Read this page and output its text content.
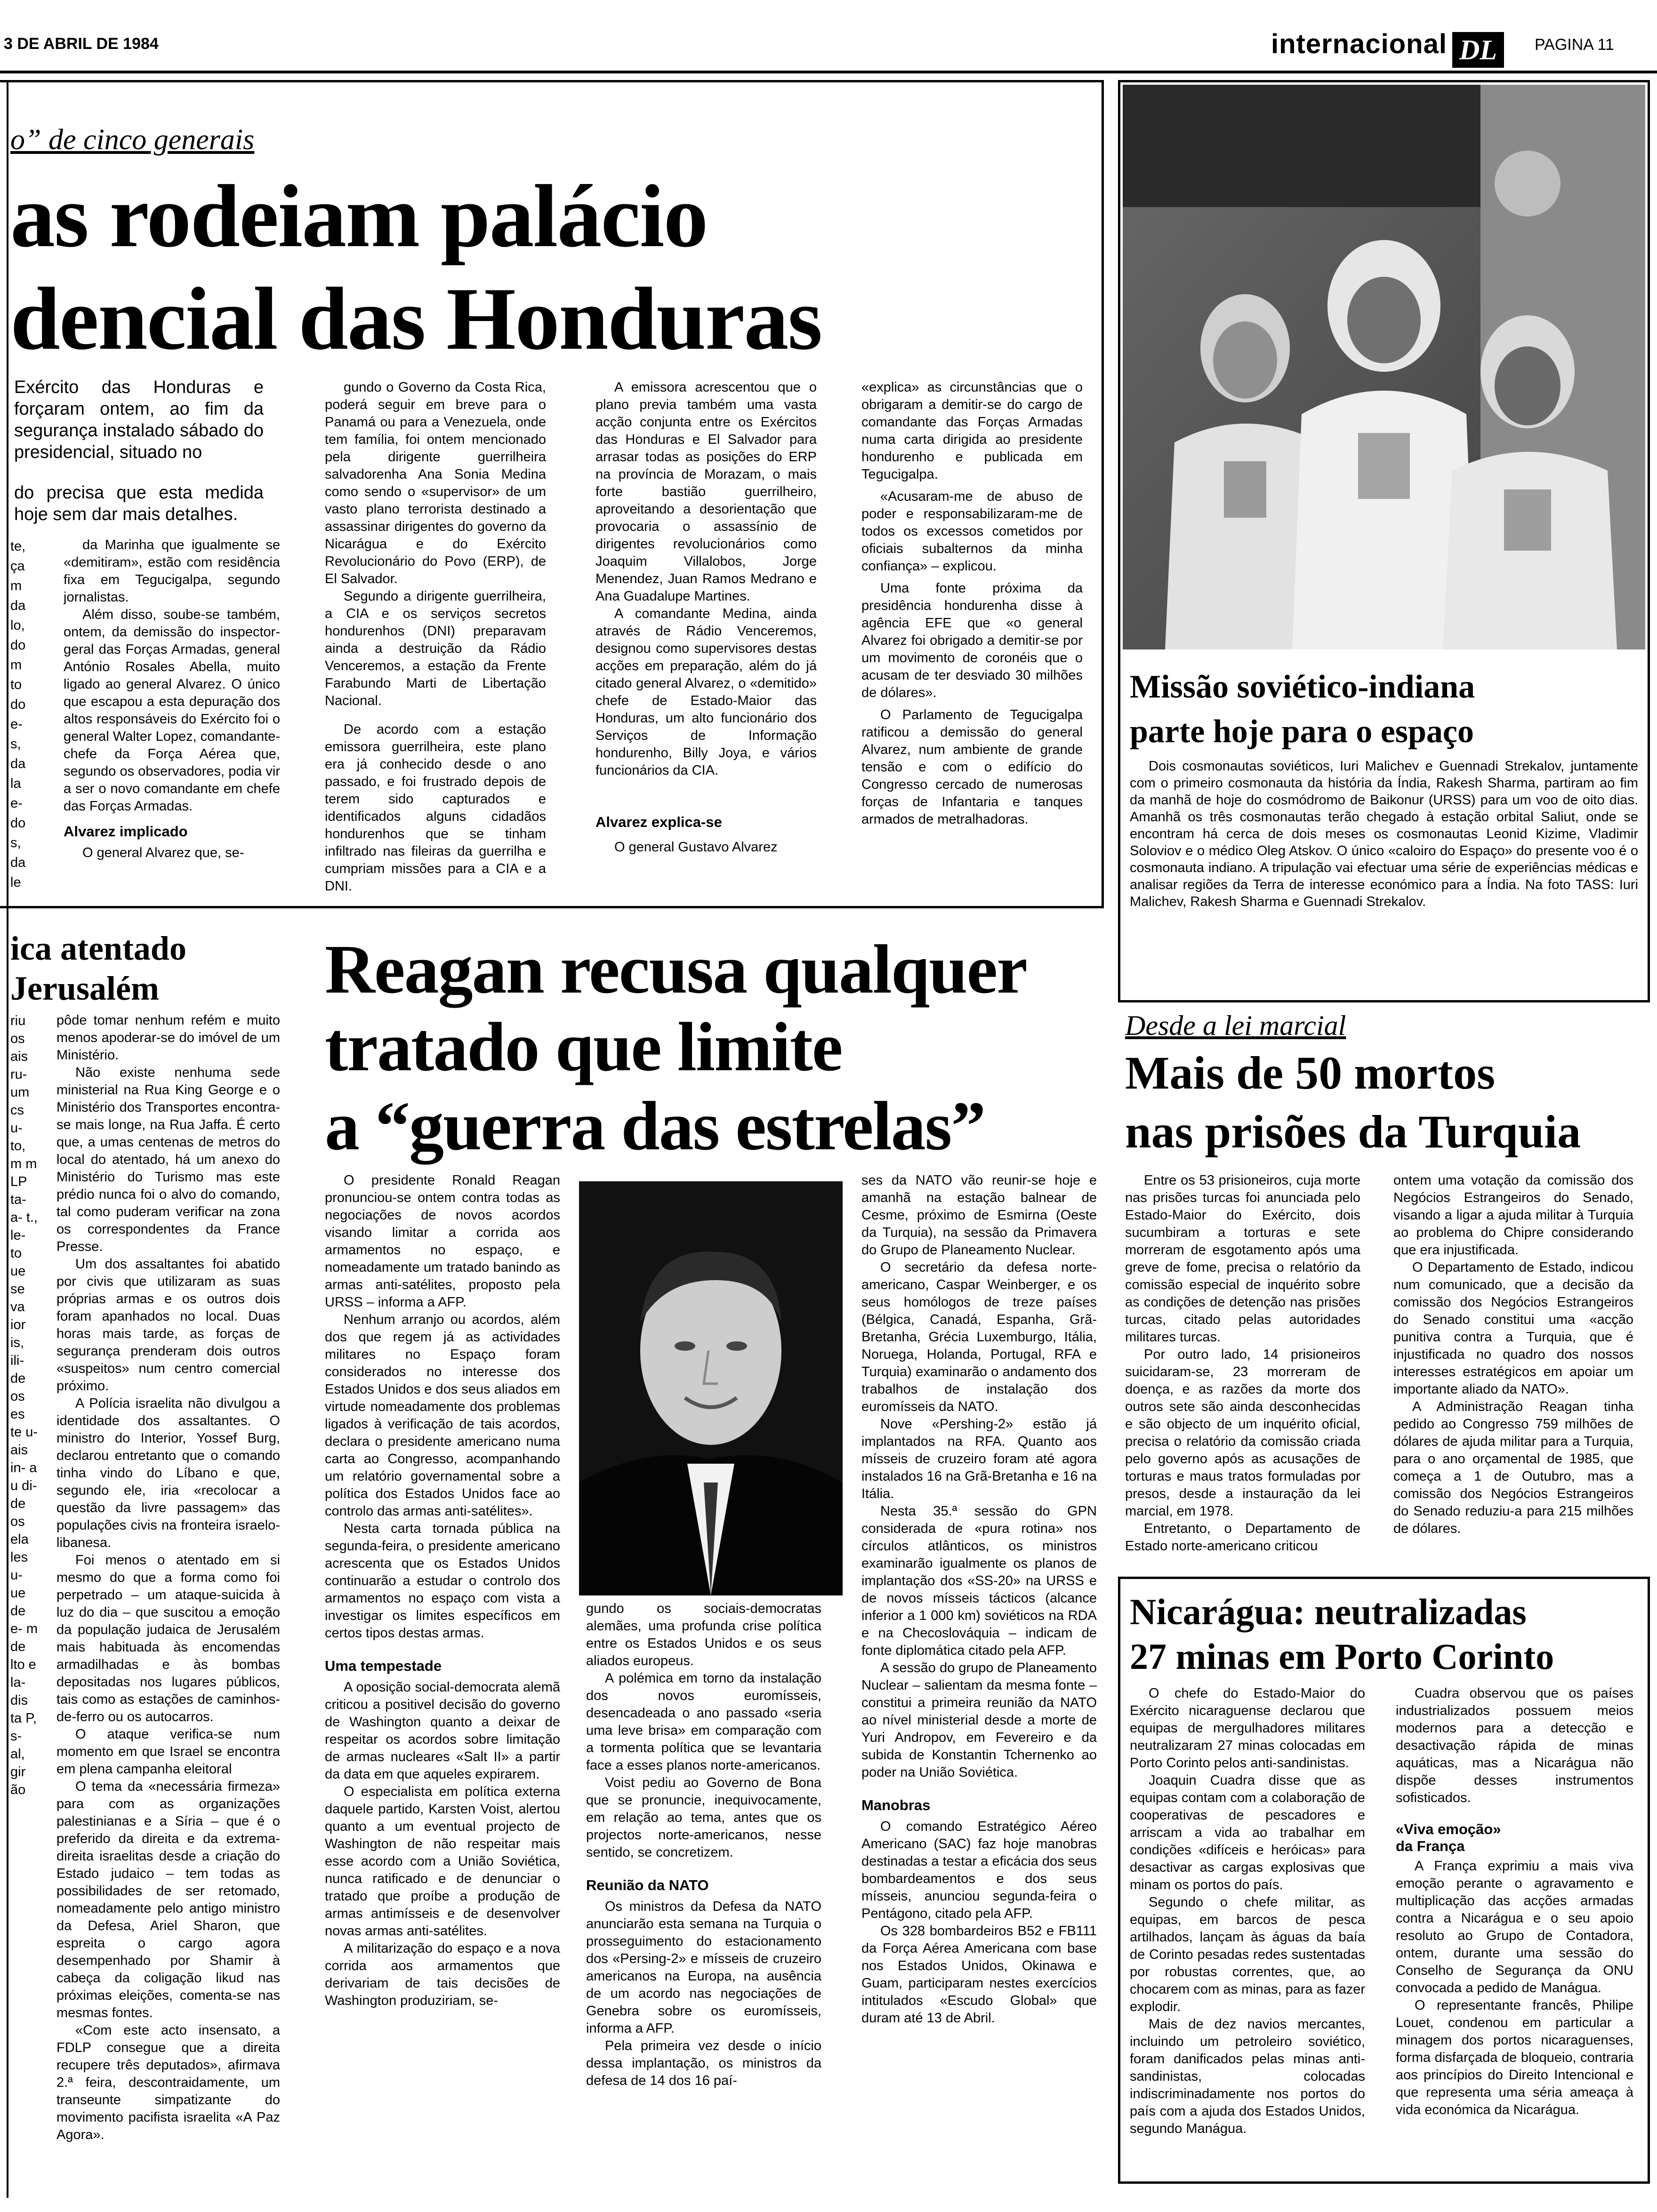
3 DE ABRIL DE 1984	internacional DL	PAGINA 11
o” de cinco generais
as rodeiam palácio
dencial das Honduras

Exército das Honduras e forçaram ontem, ao fim da segurança instalado sábado do presidencial, situado no

do precisa que esta medida hoje sem dar mais detalhes.

te, ça m da lo, do m to do e- s, da la e- do s, da le

da Marinha que igualmente se «demitiram», estão com residência fixa em Tegucigalpa, segundo jornalistas.

Além disso, soube-se também, ontem, da demissão do inspector-geral das Forças Armadas, general António Rosales Abella, muito ligado ao general Alvarez. O único que escapou a esta depuração dos altos responsáveis do Exército foi o general Walter Lopez, comandante-chefe da Força Aérea que, segundo os observadores, podia vir a ser o novo comandante em chefe das Forças Armadas.

Alvarez implicado

O general Alvarez que, se-

gundo o Governo da Costa Rica, poderá seguir em breve para o Panamá ou para a Venezuela, onde tem família, foi ontem mencionado pela dirigente guerrilheira salvadorenha Ana Sonia Medina como sendo o «supervisor» de um vasto plano terrorista destinado a assassinar dirigentes do governo da Nicarágua e do Exército Revolucionário do Povo (ERP), de El Salvador.

Segundo a dirigente guerrilheira, a CIA e os serviços secretos hondurenhos (DNI) preparavam ainda a destruição da Rádio Venceremos, a estação da Frente Farabundo Marti de Libertação Nacional.

De acordo com a estação emissora guerrilheira, este plano era já conhecido desde o ano passado, e foi frustrado depois de terem sido capturados e identificados alguns cidadãos hondurenhos que se tinham infiltrado nas fileiras da guerrilha e cumpriam missões para a CIA e a DNI.

A emissora acrescentou que o plano previa também uma vasta acção conjunta entre os Exércitos das Honduras e El Salvador para arrasar todas as posições do ERP na província de Morazam, o mais forte bastião guerrilheiro, aproveitando a desorientação que provocaria o assassínio de dirigentes revolucionários como Joaquim Villalobos, Jorge Menendez, Juan Ramos Medrano e Ana Guadalupe Martines.

A comandante Medina, ainda através de Rádio Venceremos, designou como supervisores destas acções em preparação, além do já citado general Alvarez, o «demitido» chefe de Estado-Maior das Honduras, um alto funcionário dos Serviços de Informação hondurenho, Billy Joya, e vários funcionários da CIA.

Alvarez explica-se

O general Gustavo Alvarez

«explica» as circunstâncias que o obrigaram a demitir-se do cargo de comandante das Forças Armadas numa carta dirigida ao presidente hondurenho e publicada em Tegucigalpa.

«Acusaram-me de abuso de poder e responsabilizaram-me de todos os excessos cometidos por oficiais subalternos da minha confiança» – explicou.

Uma fonte próxima da presidência hondurenha disse à agência EFE que «o general Alvarez foi obrigado a demitir-se por um movimento de coronéis que o acusam de ter desviado 30 milhões de dólares».

O Parlamento de Tegucigalpa ratificou a demissão do general Alvarez, num ambiente de grande tensão e com o edifício do Congresso cercado de numerosas forças de Infantaria e tanques armados de metralhadoras.

Missão soviético-indiana
parte hoje para o espaço

Dois cosmonautas soviéticos, Iuri Malichev e Guennadi Strekalov, juntamente com o primeiro cosmonauta da história da Índia, Rakesh Sharma, partiram ao fim da manhã de hoje do cosmódromo de Baikonur (URSS) para um voo de oito dias. Amanhã os três cosmonautas terão chegado à estação orbital Saliut, onde se encontram há cerca de dois meses os cosmonautas Leonid Kizime, Vladimir Soloviov e o médico Oleg Atskov. O único «caloiro do Espaço» do presente voo é o cosmonauta indiano. A tripulação vai efectuar uma série de experiências médicas e analisar regiões da Terra de interesse económico para a Índia. Na foto TASS: Iuri Malichev, Rakesh Sharma e Guennadi Strekalov.

ica atentado
Jerusalém
riu os ais ru- um cs u- to, m m LP ta- a- t., le- to ue se va ior is, ili- de os es te u- ais in- a u di- de os ela les u- ue de e- m de lto e la- dis ta P, s- al, gir ão

pôde tomar nenhum refém e muito menos apoderar-se do imóvel de um Ministério.

Não existe nenhuma sede ministerial na Rua King George e o Ministério dos Transportes encontra-se mais longe, na Rua Jaffa. É certo que, a umas centenas de metros do local do atentado, há um anexo do Ministério do Turismo mas este prédio nunca foi o alvo do comando, tal como puderam verificar na zona os correspondentes da France Presse.

Um dos assaltantes foi abatido por civis que utilizaram as suas próprias armas e os outros dois foram apanhados no local. Duas horas mais tarde, as forças de segurança prenderam dois outros «suspeitos» num centro comercial próximo.

A Polícia israelita não divulgou a identidade dos assaltantes. O ministro do Interior, Yossef Burg, declarou entretanto que o comando tinha vindo do Líbano e que, segundo ele, iria «recolocar a questão da livre passagem» das populações civis na fronteira israelo-libanesa.

Foi menos o atentado em si mesmo do que a forma como foi perpetrado – um ataque-suicida à luz do dia – que suscitou a emoção da população judaica de Jerusalém mais habituada às encomendas armadilhadas e às bombas depositadas nos lugares públicos, tais como as estações de caminhos-de-ferro ou os autocarros.

O ataque verifica-se num momento em que Israel se encontra em plena campanha eleitoral

O tema da «necessária firmeza» para com as organizações palestinianas e a Síria – que é o preferido da direita e da extrema-direita israelitas desde a criação do Estado judaico – tem todas as possibilidades de ser retomado, nomeadamente pelo antigo ministro da Defesa, Ariel Sharon, que espreita o cargo agora desempenhado por Shamir à cabeça da coligação likud nas próximas eleições, comenta-se nas mesmas fontes.

«Com este acto insensato, a FDLP consegue que a direita recupere três deputados», afirmava 2.ª feira, descontraidamente, um transeunte simpatizante do movimento pacifista israelita «A Paz Agora».

Reagan recusa qualquer
tratado que limite
a “guerra das estrelas”

O presidente Ronald Reagan pronunciou-se ontem contra todas as negociações de novos acordos visando limitar a corrida aos armamentos no espaço, e nomeadamente um tratado banindo as armas anti-satélites, proposto pela URSS – informa a AFP.

Nenhum arranjo ou acordos, além dos que regem já as actividades militares no Espaço foram considerados no interesse dos Estados Unidos e dos seus aliados em virtude nomeadamente dos problemas ligados à verificação de tais acordos, declara o presidente americano numa carta ao Congresso, acompanhando um relatório governamental sobre a política dos Estados Unidos face ao controlo das armas anti-satélites».

Nesta carta tornada pública na segunda-feira, o presidente americano acrescenta que os Estados Unidos continuarão a estudar o controlo dos armamentos no espaço com vista a investigar os limites específicos em certos tipos destas armas.

Uma tempestade

A oposição social-democrata alemã criticou a positivel decisão do governo de Washington quanto a deixar de respeitar os acordos sobre limitação de armas nucleares «Salt II» a partir da data em que aqueles expirarem.

O especialista em política externa daquele partido, Karsten Voist, alertou quanto a um eventual projecto de Washington de não respeitar mais esse acordo com a União Soviética, nunca ratificado e de denunciar o tratado que proíbe a produção de armas antimísseis e de desenvolver novas armas anti-satélites.

A militarização do espaço e a nova corrida aos armamentos que derivariam de tais decisões de Washington produziriam, se-

gundo os sociais-democratas alemães, uma profunda crise política entre os Estados Unidos e os seus aliados europeus.

A polémica em torno da instalação dos novos euromísseis, desencadeada o ano passado «seria uma leve brisa» em comparação com a tormenta política que se levantaria face a esses planos norte-americanos.

Voist pediu ao Governo de Bona que se pronuncie, inequivocamente, em relação ao tema, antes que os projectos norte-americanos, nesse sentido, se concretizem.

Reunião da NATO

Os ministros da Defesa da NATO anunciarão esta semana na Turquia o prosseguimento do estacionamento dos «Persing-2» e mísseis de cruzeiro americanos na Europa, na ausência de um acordo nas negociações de Genebra sobre os euromísseis, informa a AFP.

Pela primeira vez desde o início dessa implantação, os ministros da defesa de 14 dos 16 paí-

ses da NATO vão reunir-se hoje e amanhã na estação balnear de Cesme, próximo de Esmirna (Oeste da Turquia), na sessão da Primavera do Grupo de Planeamento Nuclear.

O secretário da defesa norte-americano, Caspar Weinberger, e os seus homólogos de treze países (Bélgica, Canadá, Espanha, Grã-Bretanha, Grécia Luxemburgo, Itália, Noruega, Holanda, Portugal, RFA e Turquia) examinarão o andamento dos trabalhos de instalação dos euromísseis da NATO.

Nove «Pershing-2» estão já implantados na RFA. Quanto aos mísseis de cruzeiro foram até agora instalados 16 na Grã-Bretanha e 16 na Itália.

Nesta 35.ª sessão do GPN considerada de «pura rotina» nos círculos atlânticos, os ministros examinarão igualmente os planos de implantação dos «SS-20» na URSS e de novos mísseis tácticos (alcance inferior a 1 000 km) soviéticos na RDA e na Checoslováquia – indicam de fonte diplomática citado pela AFP.

A sessão do grupo de Planeamento Nuclear – salientam da mesma fonte – constitui a primeira reunião da NATO ao nível ministerial desde a morte de Yuri Andropov, em Fevereiro e da subida de Konstantin Tchernenko ao poder na União Soviética.

Manobras

O comando Estratégico Aéreo Americano (SAC) faz hoje manobras destinadas a testar a eficácia dos seus bombardeamentos e dos seus mísseis, anunciou segunda-feira o Pentágono, citado pela AFP.

Os 328 bombardeiros B52 e FB111 da Força Aérea Americana com base nos Estados Unidos, Okinawa e Guam, participaram nestes exercícios intitulados «Escudo Global» que duram até 13 de Abril.

Desde a lei marcial
Mais de 50 mortos
nas prisões da Turquia

Entre os 53 prisioneiros, cuja morte nas prisões turcas foi anunciada pelo Estado-Maior do Exército, dois sucumbiram a torturas e sete morreram de esgotamento após uma greve de fome, precisa o relatório da comissão especial de inquérito sobre as condições de detenção nas prisões turcas, citado pelas autoridades militares turcas.

Por outro lado, 14 prisioneiros suicidaram-se, 23 morreram de doença, e as razões da morte dos outros sete são ainda desconhecidas e são objecto de um inquérito oficial, precisa o relatório da comissão criada pelo governo após as acusações de torturas e maus tratos formuladas por presos, desde a instauração da lei marcial, em 1978.

Entretanto, o Departamento de Estado norte-americano criticou

ontem uma votação da comissão dos Negócios Estrangeiros do Senado, visando a ligar a ajuda militar à Turquia ao problema do Chipre considerando que era injustificada.

O Departamento de Estado, indicou num comunicado, que a decisão da comissão dos Negócios Estrangeiros do Senado constitui uma «acção punitiva contra a Turquia, que é injustificada no quadro dos nossos interesses estratégicos em apoiar um importante aliado da NATO».

A Administração Reagan tinha pedido ao Congresso 759 milhões de dólares de ajuda militar para a Turquia, para o ano orçamental de 1985, que começa a 1 de Outubro, mas a comissão dos Negócios Estrangeiros do Senado reduziu-a para 215 milhões de dólares.

Nicarágua: neutralizadas
27 minas em Porto Corinto

O chefe do Estado-Maior do Exército nicaraguense declarou que equipas de mergulhadores militares neutralizaram 27 minas colocadas em Porto Corinto pelos anti-sandinistas.

Joaquin Cuadra disse que as equipas contam com a colaboração de cooperativas de pescadores e arriscam a vida ao trabalhar em condições «difíceis e heróicas» para desactivar as cargas explosivas que minam os portos do país.

Segundo o chefe militar, as equipas, em barcos de pesca artilhados, lançam às águas da baía de Corinto pesadas redes sustentadas por robustas correntes, que, ao chocarem com as minas, para as fazer explodir.

Mais de dez navios mercantes, incluindo um petroleiro soviético, foram danificados pelas minas anti-sandinistas, colocadas indiscriminadamente nos portos do país com a ajuda dos Estados Unidos, segundo Manágua.

Cuadra observou que os países industrializados possuem meios modernos para a detecção e desactivação rápida de minas aquáticas, mas a Nicarágua não dispõe desses instrumentos sofisticados.

«Viva emoção»
da França

A França exprimiu a mais viva emoção perante o agravamento e multiplicação das acções armadas contra a Nicarágua e o seu apoio resoluto ao Grupo de Contadora, ontem, durante uma sessão do Conselho de Segurança da ONU convocada a pedido de Manágua.

O representante francês, Philipe Louet, condenou em particular a minagem dos portos nicaraguenses, forma disfarçada de bloqueio, contraria aos princípios do Direito Intencional e que representa uma séria ameaça à vida económica da Nicarágua.
